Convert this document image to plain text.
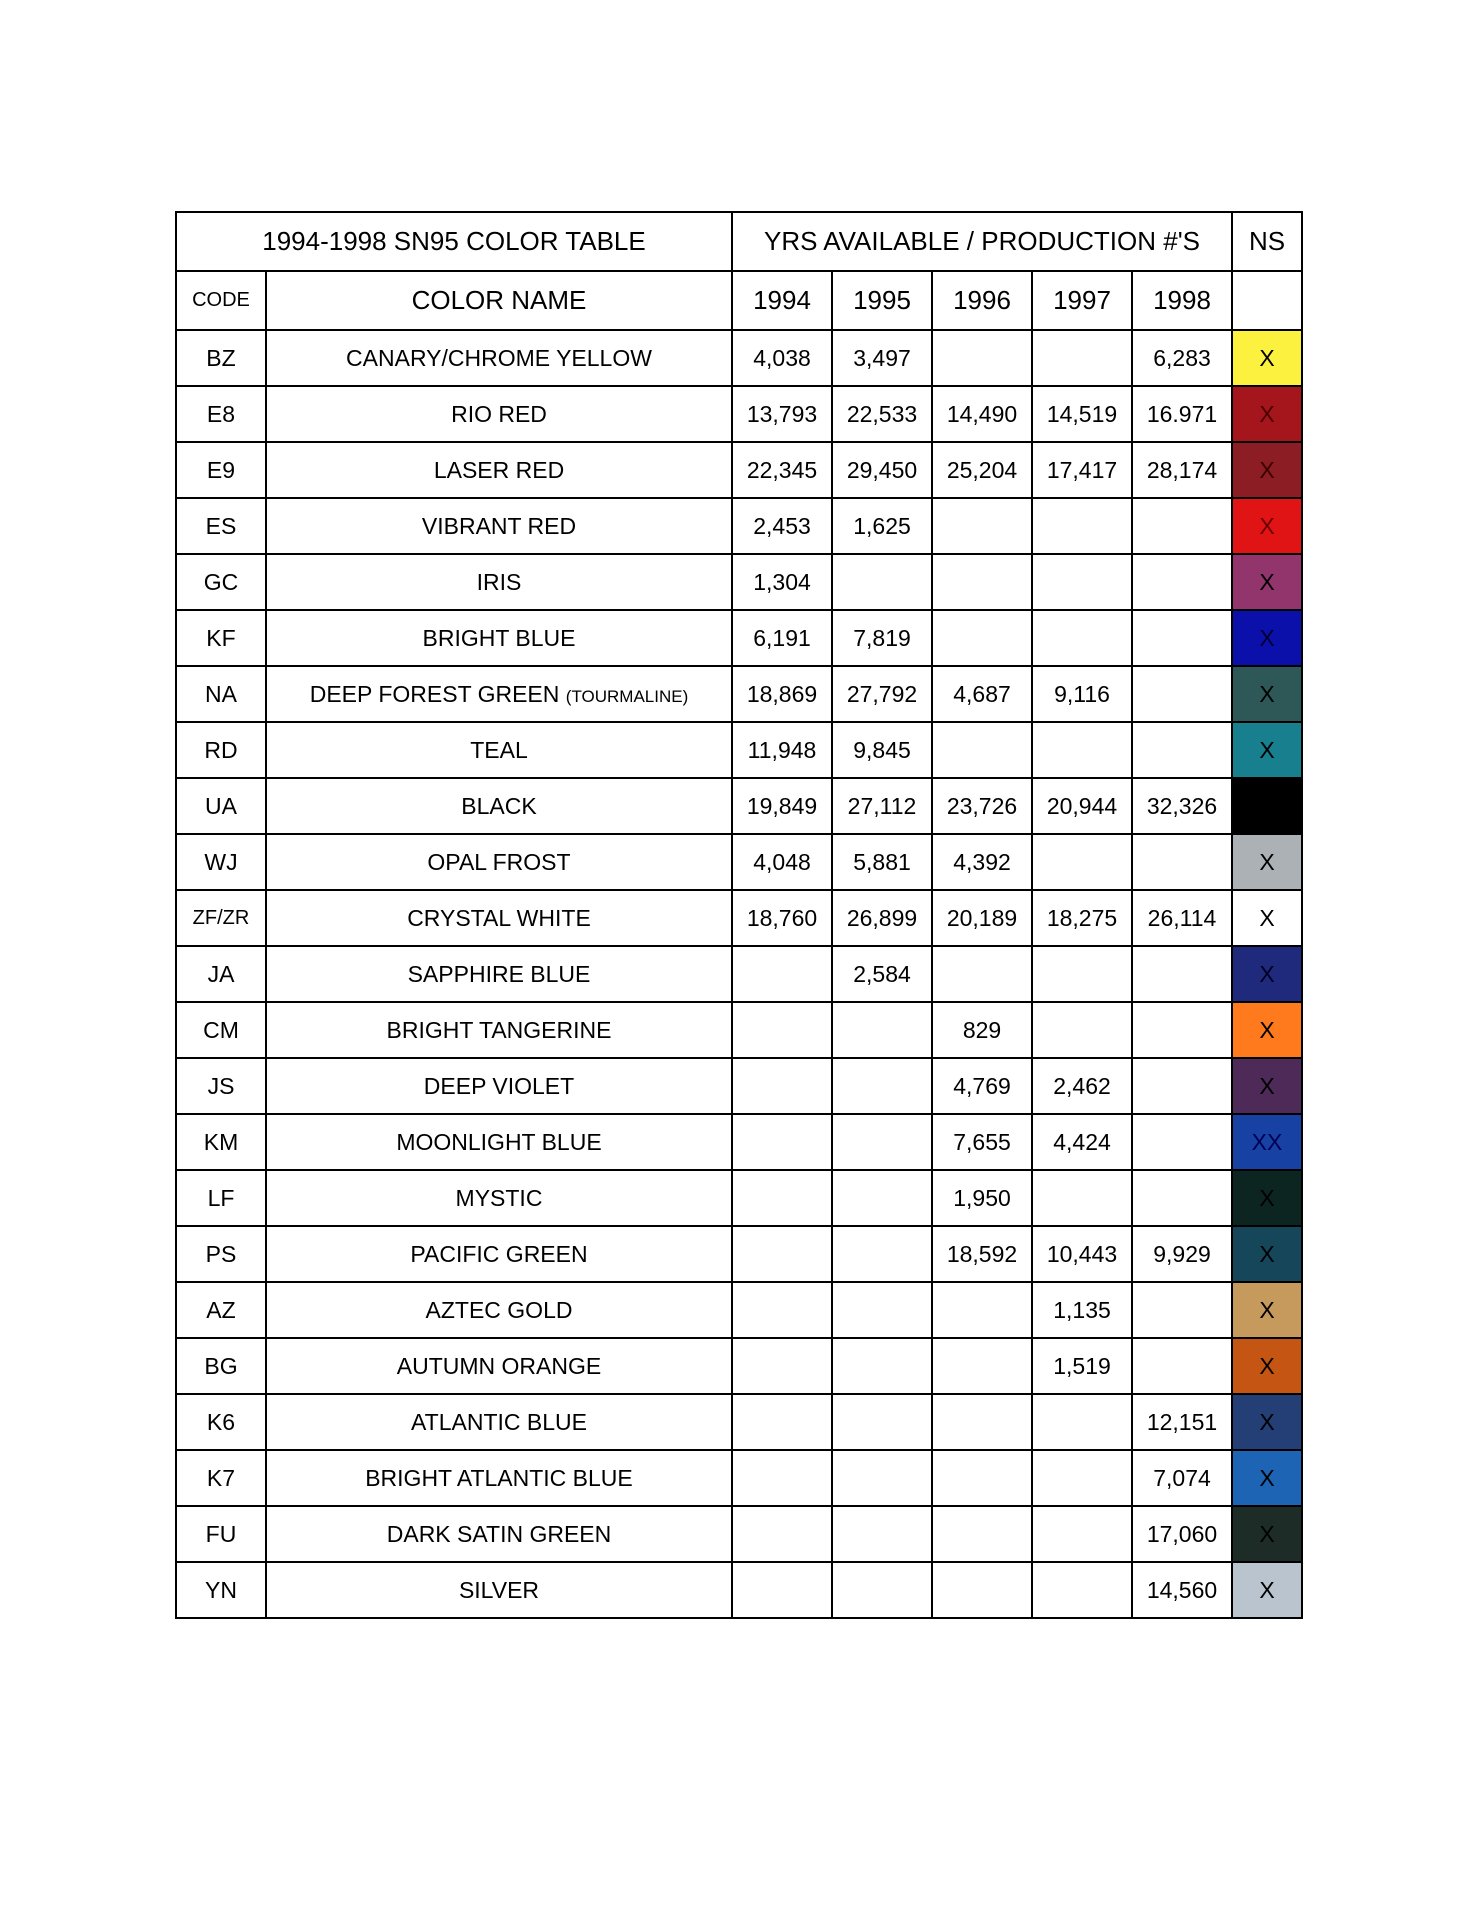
1994-1998 SN95 COLOR TABLE		YRS AVAILABLE / PRODUCTION #'S					NS
CODE	COLOR NAME	1994	1995	1996	1997	1998	
BZ	CANARY/CHROME YELLOW	4,038	3,497			6,283	X
E8	RIO RED	13,793	22,533	14,490	14,519	16.971	X
E9	LASER RED	22,345	29,450	25,204	17,417	28,174	X
ES	VIBRANT RED	2,453	1,625				X
GC	IRIS	1,304					X
KF	BRIGHT BLUE	6,191	7,819				X
NA	DEEP FOREST GREEN (TOURMALINE)	18,869	27,792	4,687	9,116		X
RD	TEAL	11,948	9,845				X
UA	BLACK	19,849	27,112	23,726	20,944	32,326	
WJ	OPAL FROST	4,048	5,881	4,392			X
ZF/ZR	CRYSTAL WHITE	18,760	26,899	20,189	18,275	26,114	X
JA	SAPPHIRE BLUE		2,584				X
CM	BRIGHT TANGERINE			829			X
JS	DEEP VIOLET			4,769	2,462		X
KM	MOONLIGHT BLUE			7,655	4,424		XX
LF	MYSTIC			1,950			X
PS	PACIFIC GREEN			18,592	10,443	9,929	X
AZ	AZTEC GOLD				1,135		X
BG	AUTUMN ORANGE				1,519		X
K6	ATLANTIC BLUE					12,151	X
K7	BRIGHT ATLANTIC BLUE					7,074	X
FU	DARK SATIN GREEN					17,060	X
YN	SILVER					14,560	X
